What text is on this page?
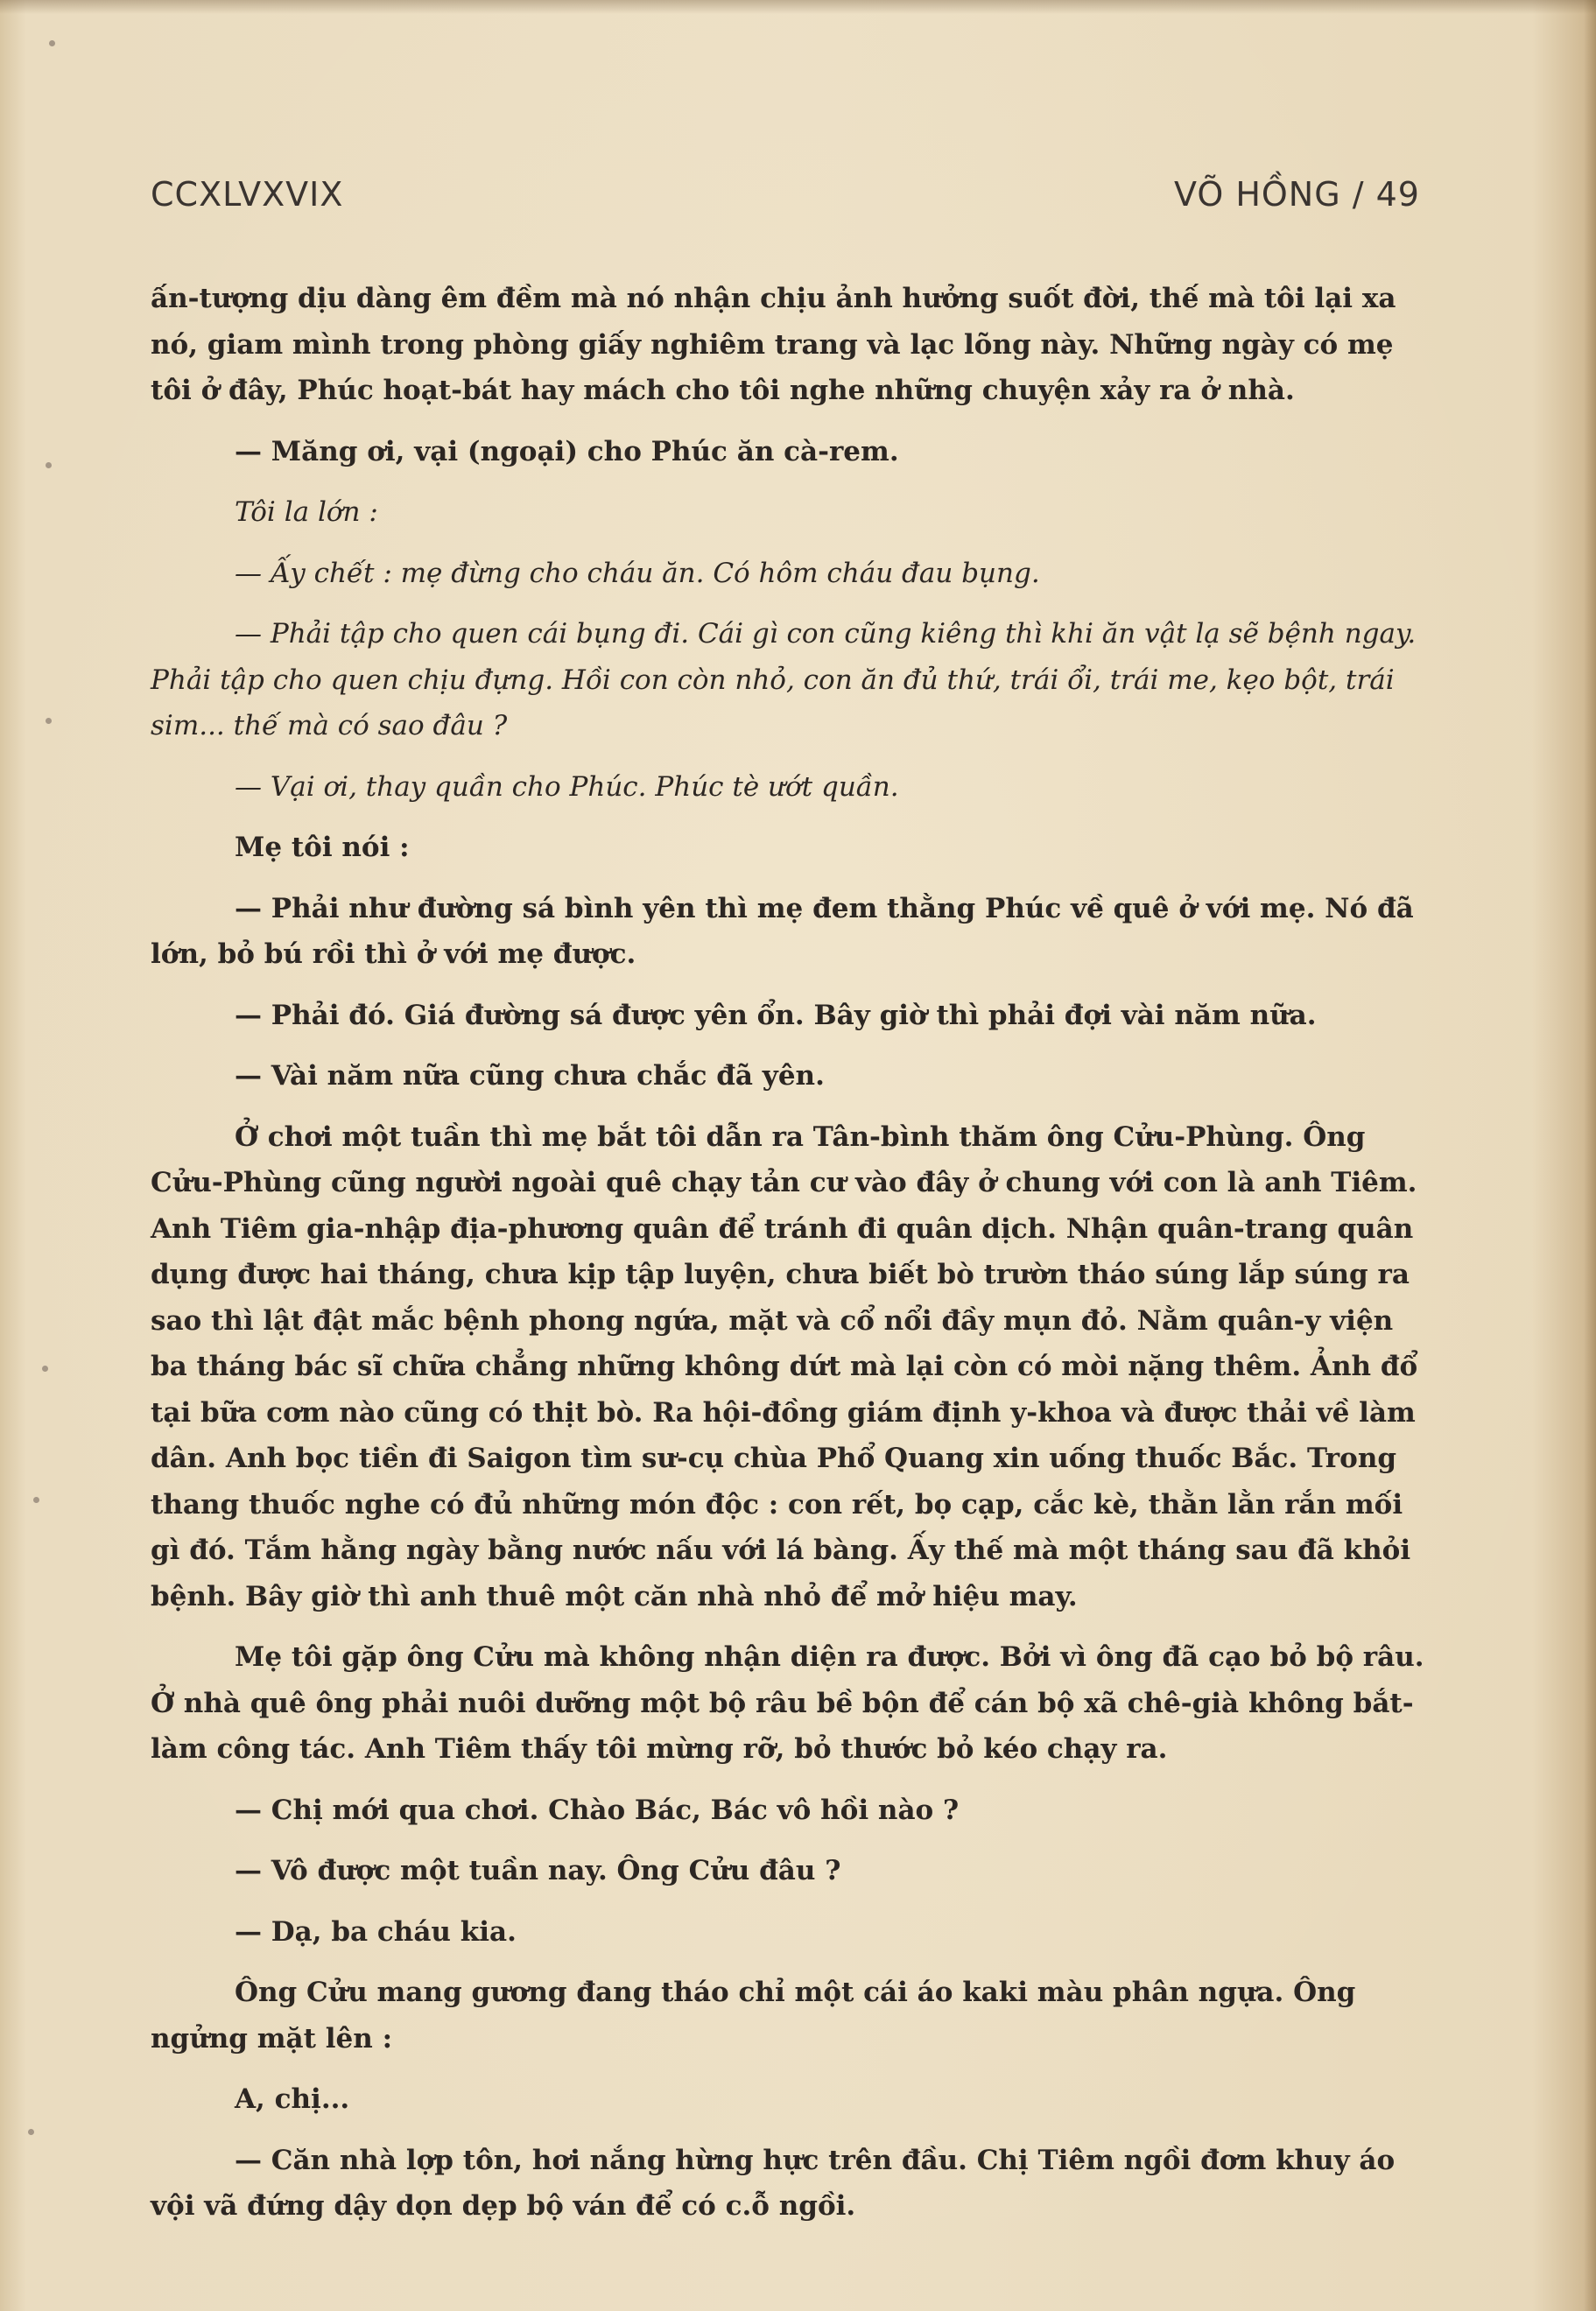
CCXLVXVIX	VÕ HỒNG / 49

ấn-tượng dịu dàng êm đềm mà nó nhận chịu ảnh hưởng suốt đời, thế mà tôi lại xa nó, giam mình trong phòng giấy nghiêm trang và lạc lõng này. Những ngày có mẹ tôi ở đây, Phúc hoạt-bát hay mách cho tôi nghe những chuyện xảy ra ở nhà.

— Măng ơi, vại (ngoại) cho Phúc ăn cà-rem.

Tôi la lớn :

— Ấy chết : mẹ đừng cho cháu ăn. Có hôm cháu đau bụng.

— Phải tập cho quen cái bụng đi. Cái gì con cũng kiêng thì khi ăn vật lạ sẽ bệnh ngay. Phải tập cho quen chịu đựng. Hồi con còn nhỏ, con ăn đủ thứ, trái ổi, trái me, kẹo bột, trái sim... thế mà có sao đâu ?

— Vại ơi, thay quần cho Phúc. Phúc tè ướt quần.

Mẹ tôi nói :

— Phải như đường sá bình yên thì mẹ đem thằng Phúc về quê ở với mẹ. Nó đã lớn, bỏ bú rồi thì ở với mẹ được.

— Phải đó. Giá đường sá được yên ổn. Bây giờ thì phải đợi vài năm nữa.

— Vài năm nữa cũng chưa chắc đã yên.

Ở chơi một tuần thì mẹ bắt tôi dẫn ra Tân-bình thăm ông Cửu-Phùng. Ông Cửu-Phùng cũng người ngoài quê chạy tản cư vào đây ở chung với con là anh Tiêm. Anh Tiêm gia-nhập địa-phương quân để tránh đi quân dịch. Nhận quân-trang quân dụng được hai tháng, chưa kịp tập luyện, chưa biết bò trườn tháo súng lắp súng ra sao thì lật đật mắc bệnh phong ngứa, mặt và cổ nổi đầy mụn đỏ. Nằm quân-y viện ba tháng bác sĩ chữa chẳng những không dứt mà lại còn có mòi nặng thêm. Ảnh đổ tại bữa cơm nào cũng có thịt bò. Ra hội-đồng giám định y-khoa và được thải về làm dân. Anh bọc tiền đi Saigon tìm sư-cụ chùa Phổ Quang xin uống thuốc Bắc. Trong thang thuốc nghe có đủ những món độc : con rết, bọ cạp, cắc kè, thằn lằn rắn mối gì đó. Tắm hằng ngày bằng nước nấu với lá bàng. Ấy thế mà một tháng sau đã khỏi bệnh. Bây giờ thì anh thuê một căn nhà nhỏ để mở hiệu may.

Mẹ tôi gặp ông Cửu mà không nhận diện ra được. Bởi vì ông đã cạo bỏ bộ râu. Ở nhà quê ông phải nuôi dưỡng một bộ râu bề bộn để cán bộ xã chê-già không bắt-làm công tác. Anh Tiêm thấy tôi mừng rỡ, bỏ thước bỏ kéo chạy ra.

— Chị mới qua chơi. Chào Bác, Bác vô hồi nào ?

— Vô được một tuần nay. Ông Cửu đâu ?

— Dạ, ba cháu kia.

Ông Cửu mang gương đang tháo chỉ một cái áo kaki màu phân ngựa. Ông ngửng mặt lên :

A, chị...

— Căn nhà lợp tôn, hơi nắng hừng hực trên đầu. Chị Tiêm ngồi đơm khuy áo vội vã đứng dậy dọn dẹp bộ ván để có c.ỗ ngồi.
